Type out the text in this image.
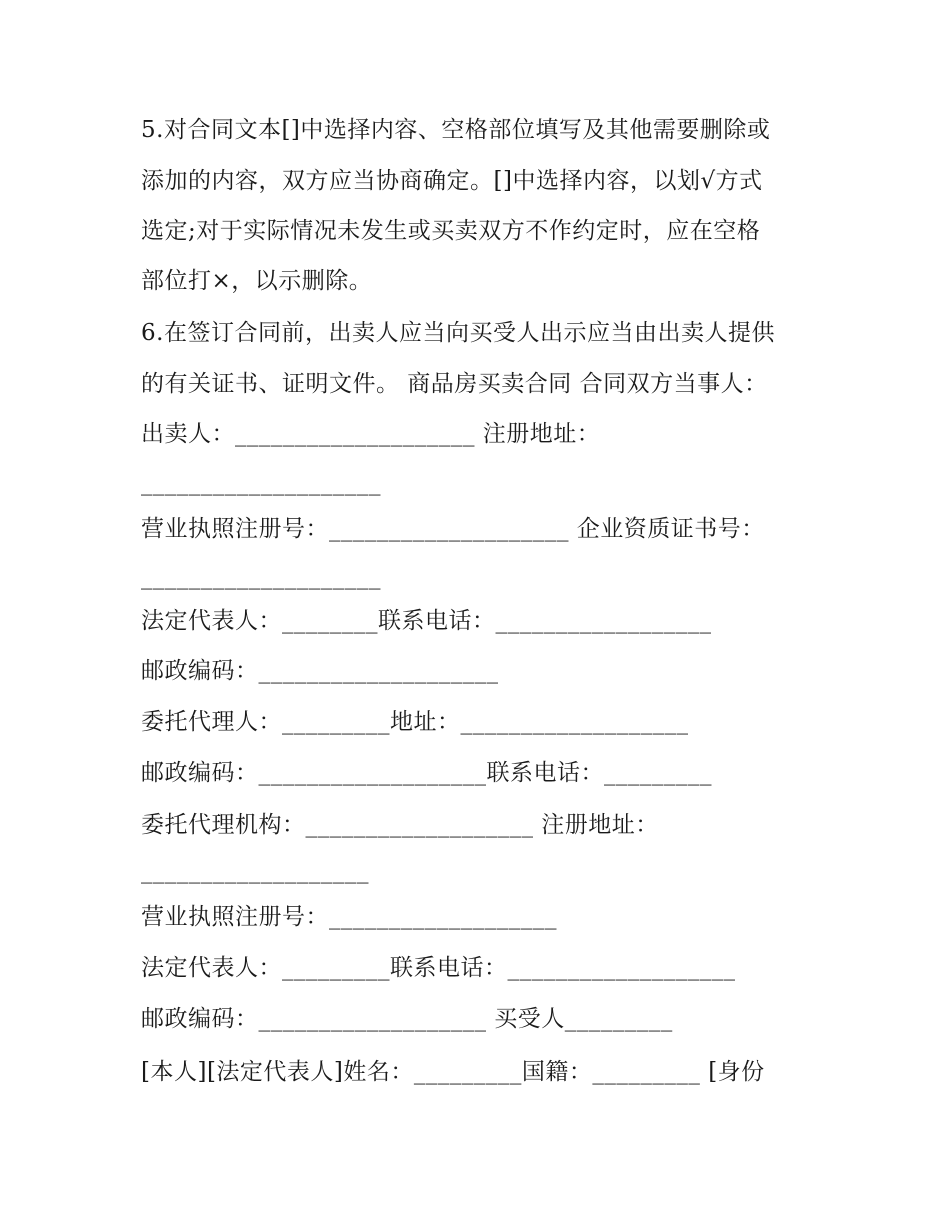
5.对合同文本[]中选择内容、空格部位填写及其他需要删除或
添加的内容，双方应当协商确定。[]中选择内容，以划√方式
选定;对于实际情况未发生或买卖双方不作约定时，应在空格
部位打×，以示删除。
6.在签订合同前，出卖人应当向买受人出示应当由出卖人提供
的有关证书、证明文件。 商品房买卖合同 合同双方当事人：
出卖人：____________________ 注册地址：
____________________
营业执照注册号：____________________ 企业资质证书号：
____________________
法定代表人：________联系电话：__________________
邮政编码：____________________
委托代理人：_________地址：___________________
邮政编码：___________________联系电话：_________
委托代理机构：___________________ 注册地址：
___________________
营业执照注册号：___________________
法定代表人：_________联系电话：___________________
邮政编码：___________________ 买受人_________
[本人][法定代表人]姓名：_________国籍：_________ [身份
